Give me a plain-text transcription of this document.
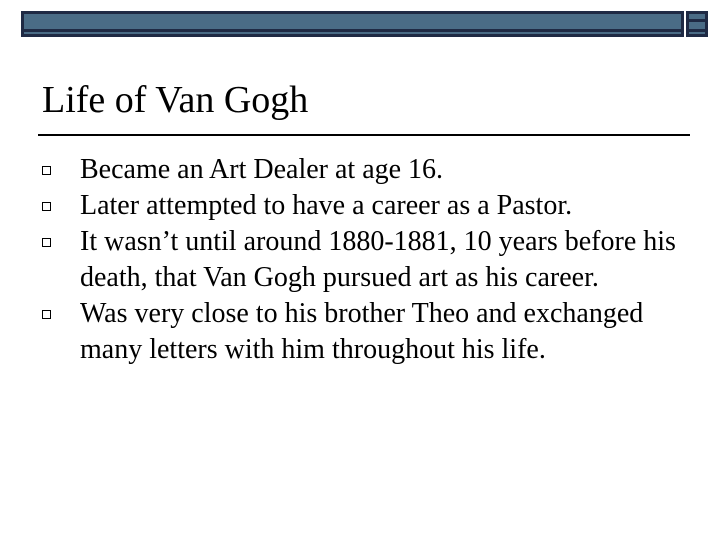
Life of Van Gogh
Became an Art Dealer at age 16.
Later attempted to have a career as a Pastor.
It wasn’t until around 1880-1881, 10 years before his death, that Van Gogh pursued art as his career.
Was very close to his brother Theo and exchanged many letters with him throughout his life.
